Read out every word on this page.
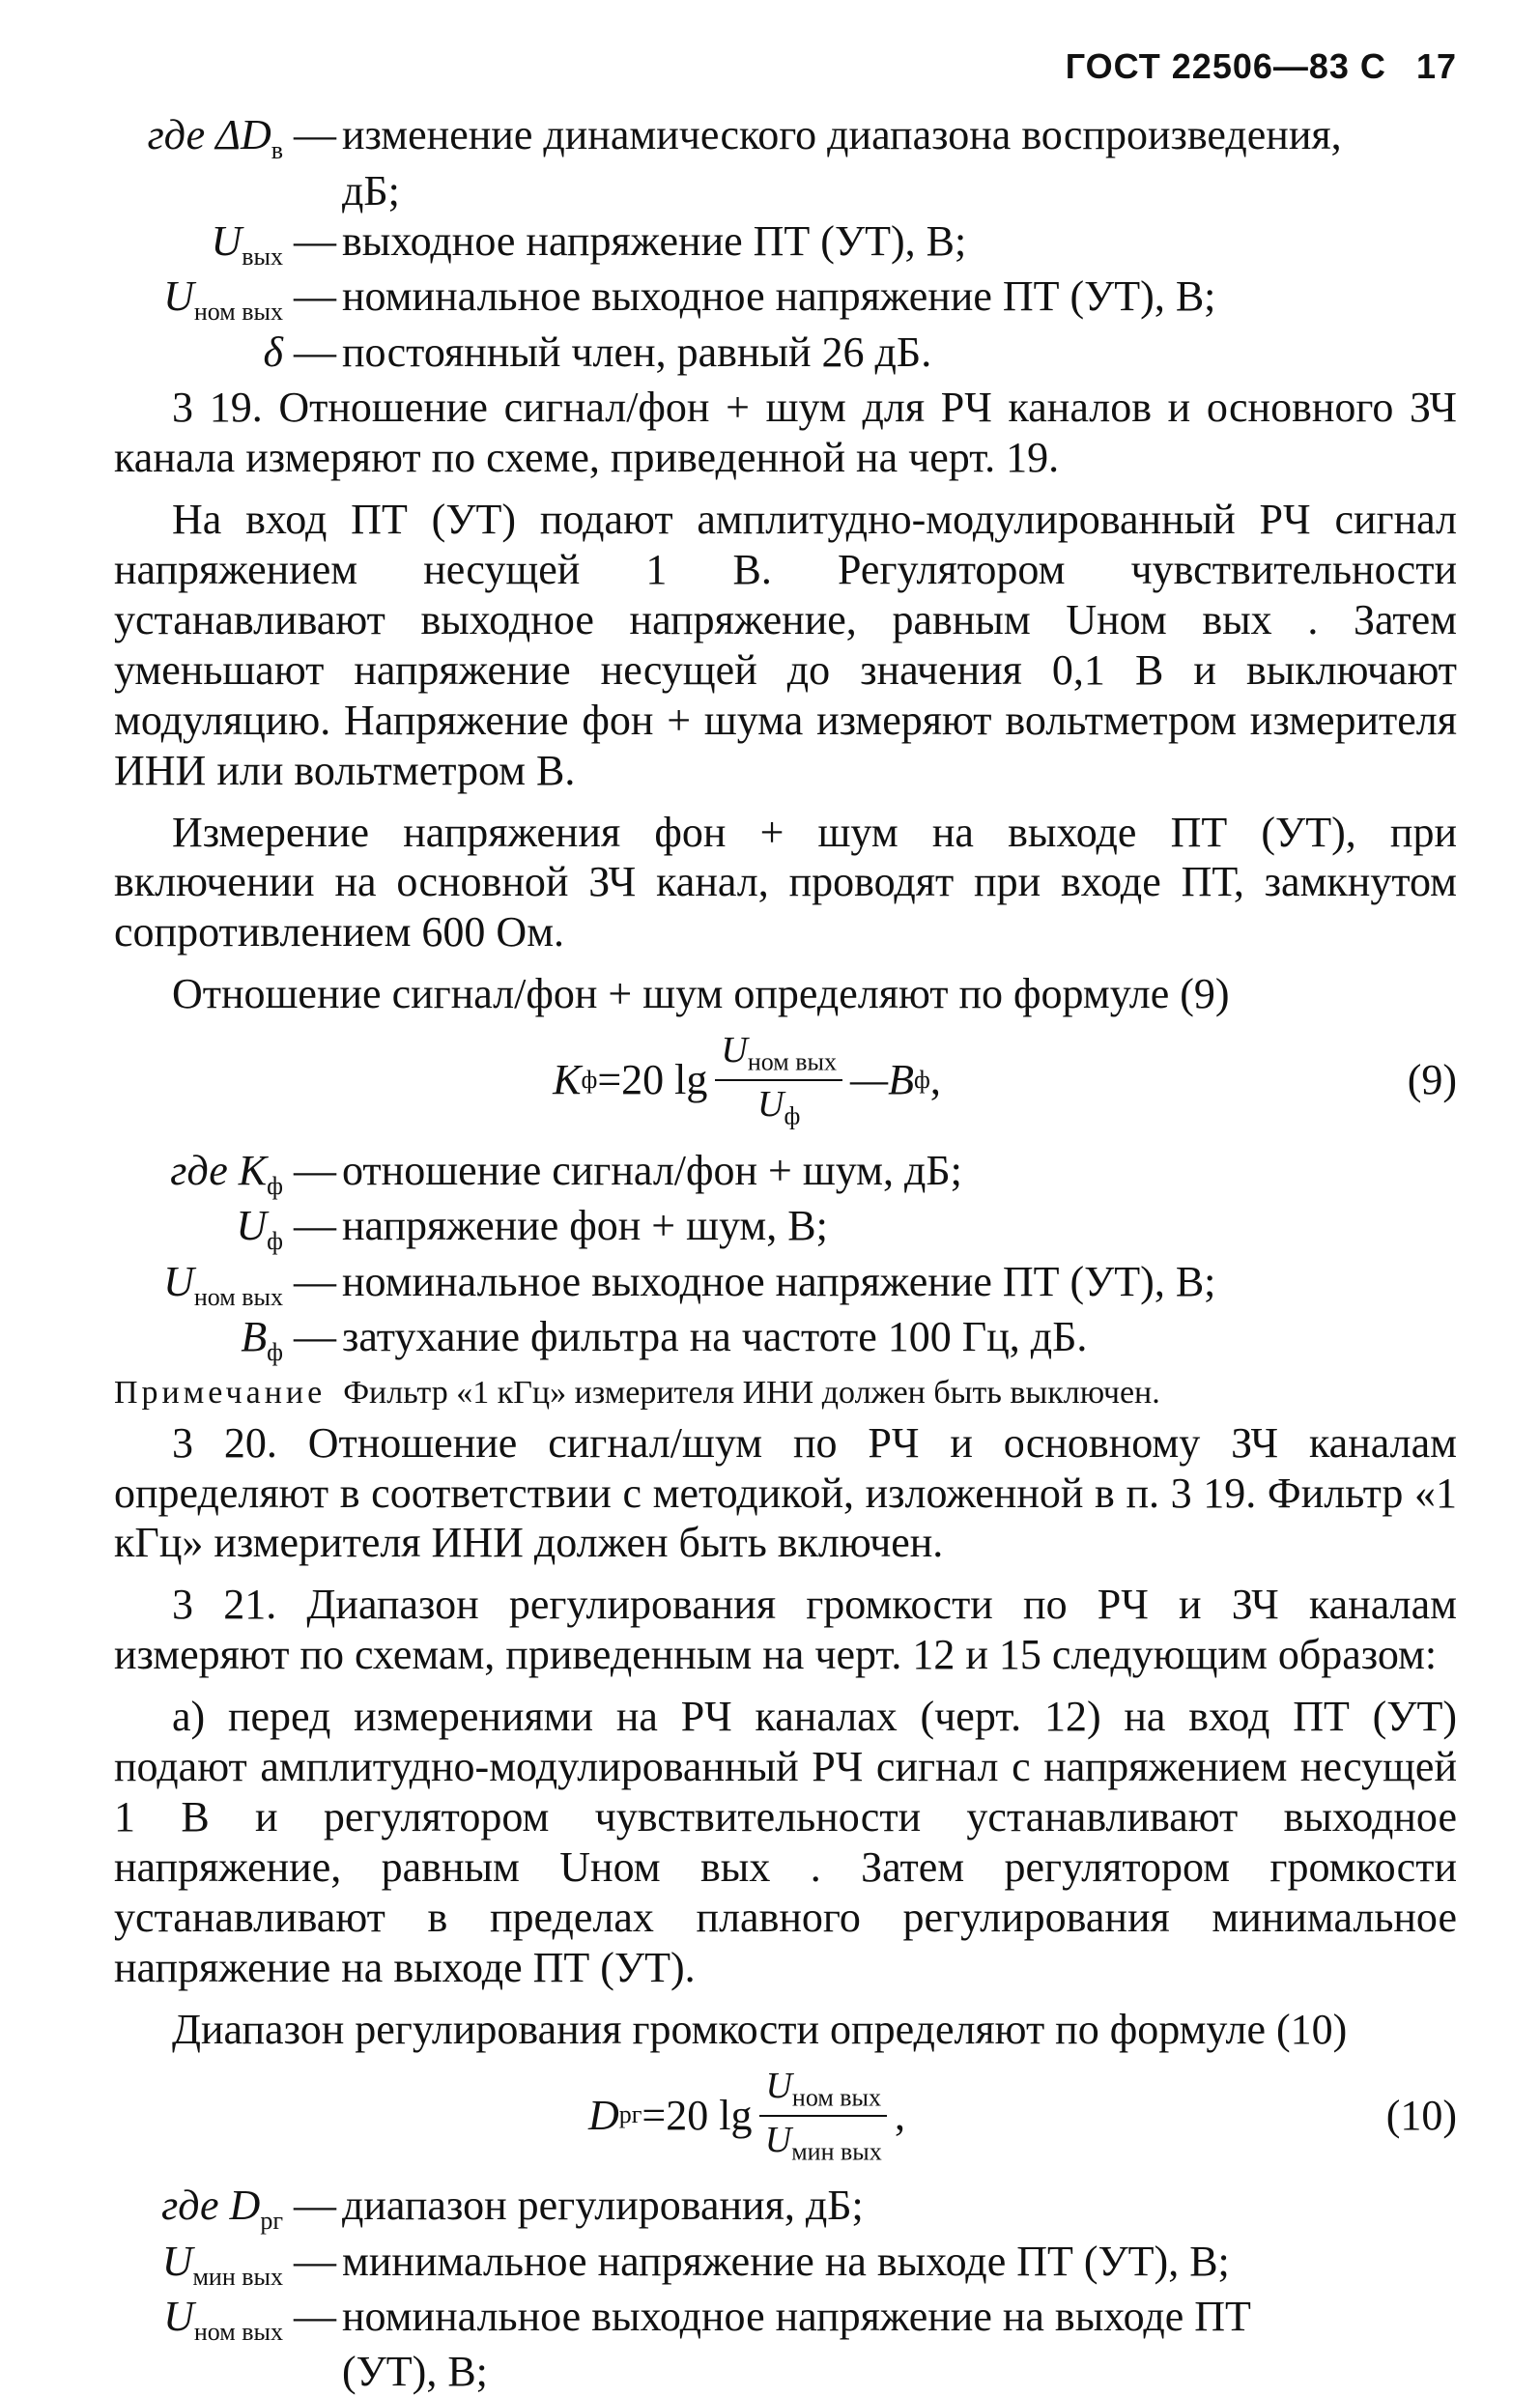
ГОСТ 22506—83 С 17
где $\Delta D_в$ — изменение динамического диапазона воспроизведения,
дБ;
$U_{вых}$ — выходное напряжение ПТ (УТ), В;
$U_{ном вых}$ — номинальное выходное напряжение ПТ (УТ), В;
δ — постоянный член, равный 26 дБ.

3 19. Отношение сигнал/фон + шум для РЧ каналов и основного ЗЧ канала измеряют по схеме, приведенной на черт. 19.

На вход ПТ (УТ) подают амплитудно-модулированный РЧ сигнал напряжением несущей 1 В. Регулятором чувствительности устанавливают выходное напряжение, равным Uном вых . Затем уменьшают напряжение несущей до значения 0,1 В и выключают модуляцию. Напряжение фон + шума измеряют вольтметром измерителя ИНИ или вольтметром В.

Измерение напряжения фон + шум на выходе ПТ (УТ), при включении на основной ЗЧ канал, проводят при входе ПТ, замкнутом сопротивлением 600 Ом.

Отношение сигнал/фон + шум определяют по формуле (9)

K ф =20 $\lg \frac{U_{ном вых}}{U_ф}$ —B ф ,	(9)
где $K_ф$ — отношение сигнал/фон + шум, дБ;
$U_ф$ — напряжение фон + шум, В;
$U_{ном вых}$ — номинальное выходное напряжение ПТ (УТ), В;
$B_ф$ — затухание фильтра на частоте 100 Гц, дБ.
Примечание Фильтр «1 кГц» измерителя ИНИ должен быть выключен.

3 20. Отношение сигнал/шум по РЧ и основному ЗЧ каналам определяют в соответствии с методикой, изложенной в п. 3 19. Фильтр «1 кГц» измерителя ИНИ должен быть включен.

3 21. Диапазон регулирования громкости по РЧ и ЗЧ каналам измеряют по схемам, приведенным на черт. 12 и 15 следующим образом:

а) перед измерениями на РЧ каналах (черт. 12) на вход ПТ (УТ) подают амплитудно-модулированный РЧ сигнал с напряжением несущей 1 В и регулятором чувствительности устанавливают выходное напряжение, равным Uном вых . Затем регулятором громкости устанавливают в пределах плавного регулирования минимальное напряжение на выходе ПТ (УТ).

Диапазон регулирования громкости определяют по формуле (10)

D рг =20 $\lg \frac{U_{ном вых}}{U_{мин вых}}$ ,	(10)
где $D_{рг}$ — диапазон регулирования, дБ;
$U_{мин вых}$ — минимальное напряжение на выходе ПТ (УТ), В;
$U_{ном вых}$ — номинальное выходное напряжение на выходе ПТ
(УТ), В;
